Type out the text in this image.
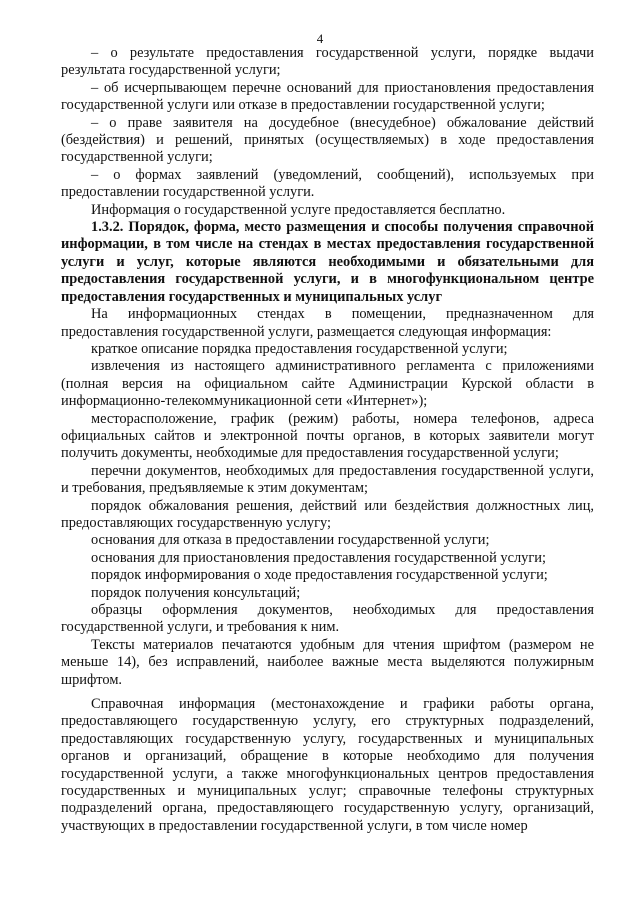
4

– о результате предоставления государственной услуги, порядке выдачи результата государственной услуги;

– об исчерпывающем перечне оснований для приостановления предоставления государственной услуги или отказе в предоставлении государственной услуги;

– о праве заявителя на досудебное (внесудебное) обжалование действий (бездействия) и решений, принятых (осуществляемых) в ходе предоставления государственной услуги;

– о формах заявлений (уведомлений, сообщений), используемых при предоставлении государственной услуги.

Информация о государственной услуге предоставляется бесплатно.

1.3.2. Порядок, форма, место размещения и способы получения справочной информации, в том числе на стендах в местах предоставления государственной услуги и услуг, которые являются необходимыми и обязательными для предоставления государственной услуги, и в многофункциональном центре предоставления государственных и муниципальных услуг

На информационных стендах в помещении, предназначенном для предоставления государственной услуги, размещается следующая информация:

краткое описание порядка предоставления государственной услуги;

извлечения из настоящего административного регламента с приложениями (полная версия на официальном сайте Администрации Курской области в информационно-телекоммуникационной сети «Интернет»);

месторасположение, график (режим) работы, номера телефонов, адреса официальных сайтов и электронной почты органов, в которых заявители могут получить документы, необходимые для предоставления государственной услуги;

перечни документов, необходимых для предоставления государственной услуги, и требования, предъявляемые к этим документам;

порядок обжалования решения, действий или бездействия должностных лиц, предоставляющих государственную услугу;

основания для отказа в предоставлении государственной услуги;

основания для приостановления предоставления государственной услуги;

порядок информирования о ходе предоставления государственной услуги;

порядок получения консультаций;

образцы оформления документов, необходимых для предоставления государственной услуги, и требования к ним.

Тексты материалов печатаются удобным для чтения шрифтом (размером не меньше 14), без исправлений, наиболее важные места выделяются полужирным шрифтом.

Справочная информация (местонахождение и графики работы органа, предоставляющего государственную услугу, его структурных подразделений, предоставляющих государственную услугу, государственных и муниципальных органов и организаций, обращение в которые необходимо для получения государственной услуги, а также многофункциональных центров предоставления государственных и муниципальных услуг; справочные телефоны структурных подразделений органа, предоставляющего государственную услугу, организаций, участвующих в предоставлении государственной услуги, в том числе номер
